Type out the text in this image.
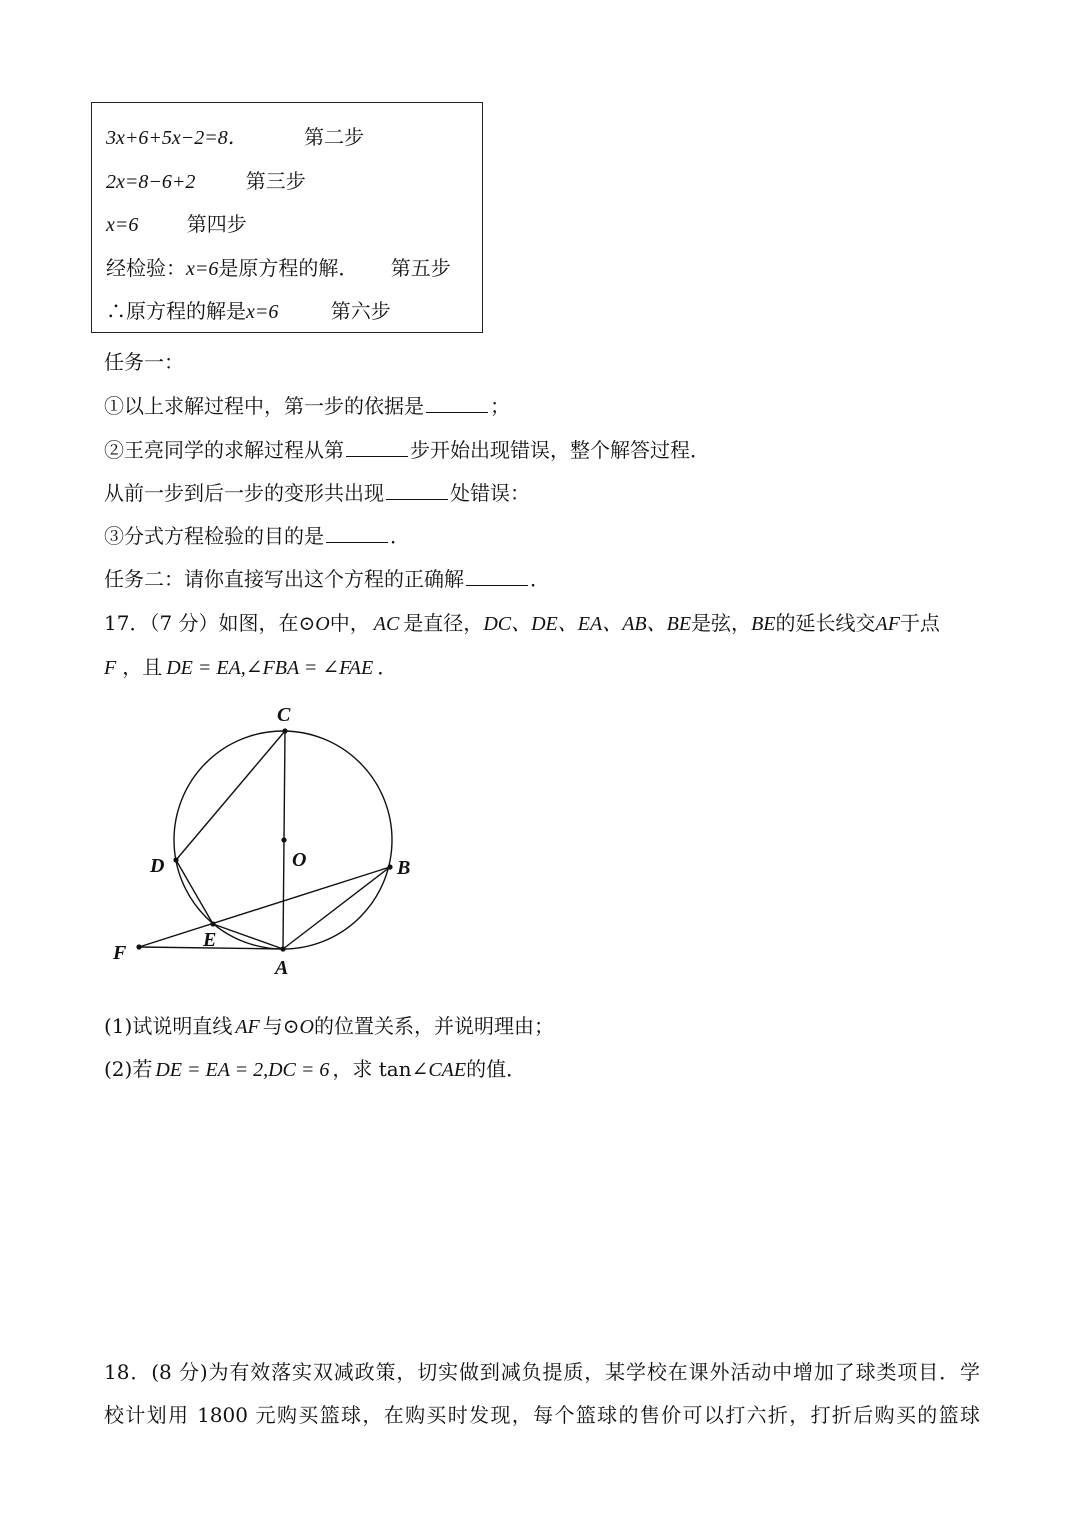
3x+6+5x−2=8．	第二步
2x=8−6+2	第三步
x=6 第四步
经检验：x=6是原方程的解． 第五步
∴原方程的解是x=6	第六步
任务一：
①以上求解过程中，第一步的依据是	；
②王亮同学的求解过程从第	步开始出现错误，整个解答过程．
从前一步到后一步的变形共出现	处错误：
③分式方程检验的目的是	．
任务二：请你直接写出这个方程的正确解	．
17．（7 分）如图，在⊙O中， AC 是直径，DC、DE、EA、AB、BE是弦，BE的延长线交AF于点
F ，且 DE = EA,∠FBA = ∠FAE ．
C
O
D	B
E
F
A
(1)试说明直线 AF 与⊙O的位置关系，并说明理由；
(2)若 DE = EA = 2,DC = 6 ，求 tan∠CAE的值．
18．(8 分)为有效落实双减政策，切实做到减负提质，某学校在课外活动中增加了球类项目．学
校计划用 1800 元购买篮球，在购买时发现，每个篮球的售价可以打六折，打折后购买的篮球
